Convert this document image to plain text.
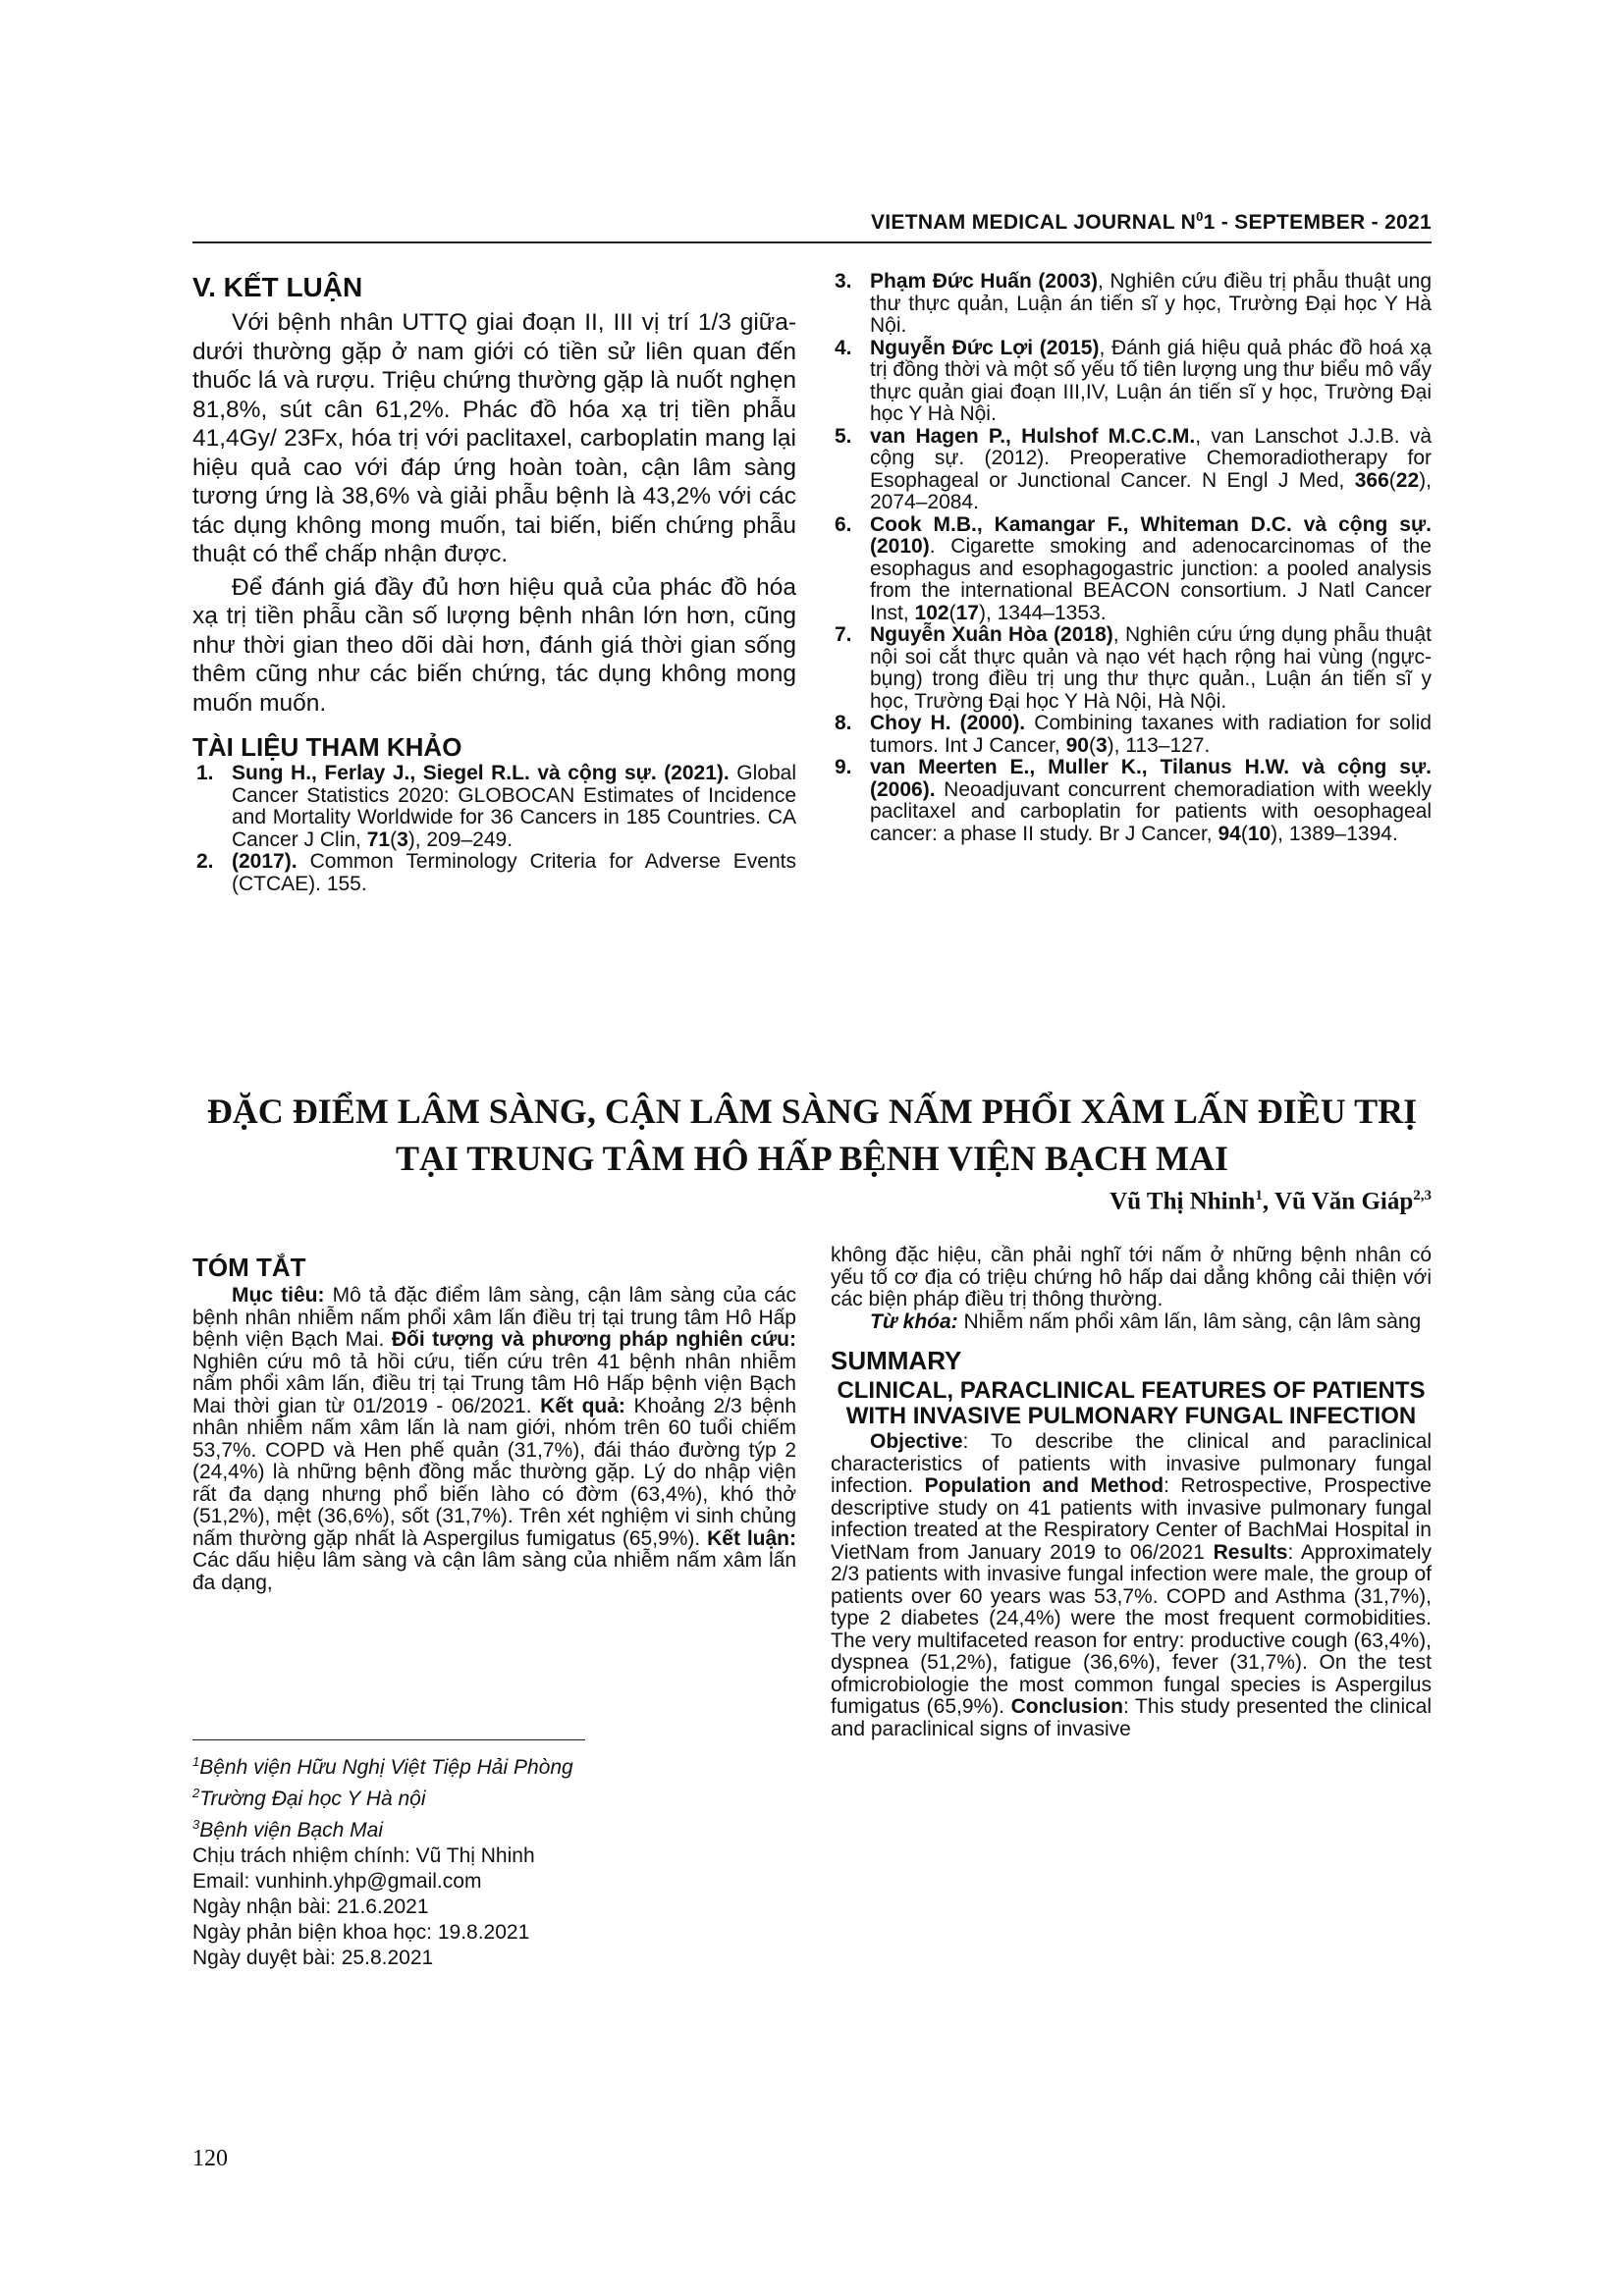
VIETNAM MEDICAL JOURNAL $N^01$ - SEPTEMBER - 2021
V. KẾT LUẬN

Với bệnh nhân UTTQ giai đoạn II, III vị trí 1/3 giữa- dưới thường gặp ở nam giới có tiền sử liên quan đến thuốc lá và rượu. Triệu chứng thường gặp là nuốt nghẹn 81,8%, sút cân 61,2%. Phác đồ hóa xạ trị tiền phẫu 41,4Gy/ 23Fx, hóa trị với paclitaxel, carboplatin mang lại hiệu quả cao với đáp ứng hoàn toàn, cận lâm sàng tương ứng là 38,6% và giải phẫu bệnh là 43,2% với các tác dụng không mong muốn, tai biến, biến chứng phẫu thuật có thể chấp nhận được.

Để đánh giá đầy đủ hơn hiệu quả của phác đồ hóa xạ trị tiền phẫu cần số lượng bệnh nhân lớn hơn, cũng như thời gian theo dõi dài hơn, đánh giá thời gian sống thêm cũng như các biến chứng, tác dụng không mong muốn muốn.

TÀI LIỆU THAM KHẢO
1. Sung H., Ferlay J., Siegel R.L. và cộng sự. (2021). Global Cancer Statistics 2020: GLOBOCAN Estimates of Incidence and Mortality Worldwide for 36 Cancers in 185 Countries. CA Cancer J Clin, 71(3), 209–249.
2. (2017). Common Terminology Criteria for Adverse Events (CTCAE). 155.
3. Phạm Đức Huấn (2003), Nghiên cứu điều trị phẫu thuật ung thư thực quản, Luận án tiến sĩ y học, Trường Đại học Y Hà Nội.
4. Nguyễn Đức Lợi (2015), Đánh giá hiệu quả phác đồ hoá xạ trị đồng thời và một số yếu tố tiên lượng ung thư biểu mô vẩy thực quản giai đoạn III,IV, Luận án tiến sĩ y học, Trường Đại học Y Hà Nội.
5. van Hagen P., Hulshof M.C.C.M., van Lanschot J.J.B. và cộng sự. (2012). Preoperative Chemoradiotherapy for Esophageal or Junctional Cancer. N Engl J Med, 366(22), 2074–2084.
6. Cook M.B., Kamangar F., Whiteman D.C. và cộng sự. (2010). Cigarette smoking and adenocarcinomas of the esophagus and esophagogastric junction: a pooled analysis from the international BEACON consortium. J Natl Cancer Inst, 102(17), 1344–1353.
7. Nguyễn Xuân Hòa (2018), Nghiên cứu ứng dụng phẫu thuật nội soi cắt thực quản và nạo vét hạch rộng hai vùng (ngực- bụng) trong điều trị ung thư thực quản., Luận án tiến sĩ y học, Trường Đại học Y Hà Nội, Hà Nội.
8. Choy H. (2000). Combining taxanes with radiation for solid tumors. Int J Cancer, 90(3), 113–127.
9. van Meerten E., Muller K., Tilanus H.W. và cộng sự. (2006). Neoadjuvant concurrent chemoradiation with weekly paclitaxel and carboplatin for patients with oesophageal cancer: a phase II study. Br J Cancer, 94(10), 1389–1394.
ĐẶC ĐIỂM LÂM SÀNG, CẬN LÂM SÀNG NẤM PHỔI XÂM LẤN ĐIỀU TRỊ
TẠI TRUNG TÂM HÔ HẤP BỆNH VIỆN BẠCH MAI
Vũ Thị Nhinh$^1$, Vũ Văn Giáp$^{2,3}$
TÓM TẮT

Mục tiêu: Mô tả đặc điểm lâm sàng, cận lâm sàng của các bệnh nhân nhiễm nấm phổi xâm lấn điều trị tại trung tâm Hô Hấp bệnh viện Bạch Mai. Đối tượng và phương pháp nghiên cứu: Nghiên cứu mô tả hồi cứu, tiến cứu trên 41 bệnh nhân nhiễm nấm phổi xâm lấn, điều trị tại Trung tâm Hô Hấp bệnh viện Bạch Mai thời gian từ 01/2019 - 06/2021. Kết quả: Khoảng 2/3 bệnh nhân nhiễm nấm xâm lấn là nam giới, nhóm trên 60 tuổi chiếm 53,7%. COPD và Hen phế quản (31,7%), đái tháo đường týp 2 (24,4%) là những bệnh đồng mắc thường gặp. Lý do nhập viện rất đa dạng nhưng phổ biến làho có đờm (63,4%), khó thở (51,2%), mệt (36,6%), sốt (31,7%). Trên xét nghiệm vi sinh chủng nấm thường gặp nhất là Aspergilus fumigatus (65,9%). Kết luận: Các dấu hiệu lâm sàng và cận lâm sàng của nhiễm nấm xâm lấn đa dạng,

không đặc hiệu, cần phải nghĩ tới nấm ở những bệnh nhân có yếu tố cơ địa có triệu chứng hô hấp dai dẳng không cải thiện với các biện pháp điều trị thông thường.

Từ khóa: Nhiễm nấm phổi xâm lấn, lâm sàng, cận lâm sàng

SUMMARY

CLINICAL, PARACLINICAL FEATURES OF PATIENTS WITH INVASIVE PULMONARY FUNGAL INFECTION

Objective: To describe the clinical and paraclinical characteristics of patients with invasive pulmonary fungal infection. Population and Method: Retrospective, Prospective descriptive study on 41 patients with invasive pulmonary fungal infection treated at the Respiratory Center of BachMai Hospital in VietNam from January 2019 to 06/2021 Results: Approximately 2/3 patients with invasive fungal infection were male, the group of patients over 60 years was 53,7%. COPD and Asthma (31,7%), type 2 diabetes (24,4%) were the most frequent cormobidities. The very multifaceted reason for entry: productive cough (63,4%), dyspnea (51,2%), fatigue (36,6%), fever (31,7%). On the test ofmicrobiologie the most common fungal species is Aspergilus fumigatus (65,9%). Conclusion: This study presented the clinical and paraclinical signs of invasive

$^1$Bệnh viện Hữu Nghị Việt Tiệp Hải Phòng
$^2$Trường Đại học Y Hà nội
$^3$Bệnh viện Bạch Mai
Chịu trách nhiệm chính: Vũ Thị Nhinh
Email: vunhinh.yhp@gmail.com
Ngày nhận bài: 21.6.2021
Ngày phản biện khoa học: 19.8.2021
Ngày duyệt bài: 25.8.2021
120
